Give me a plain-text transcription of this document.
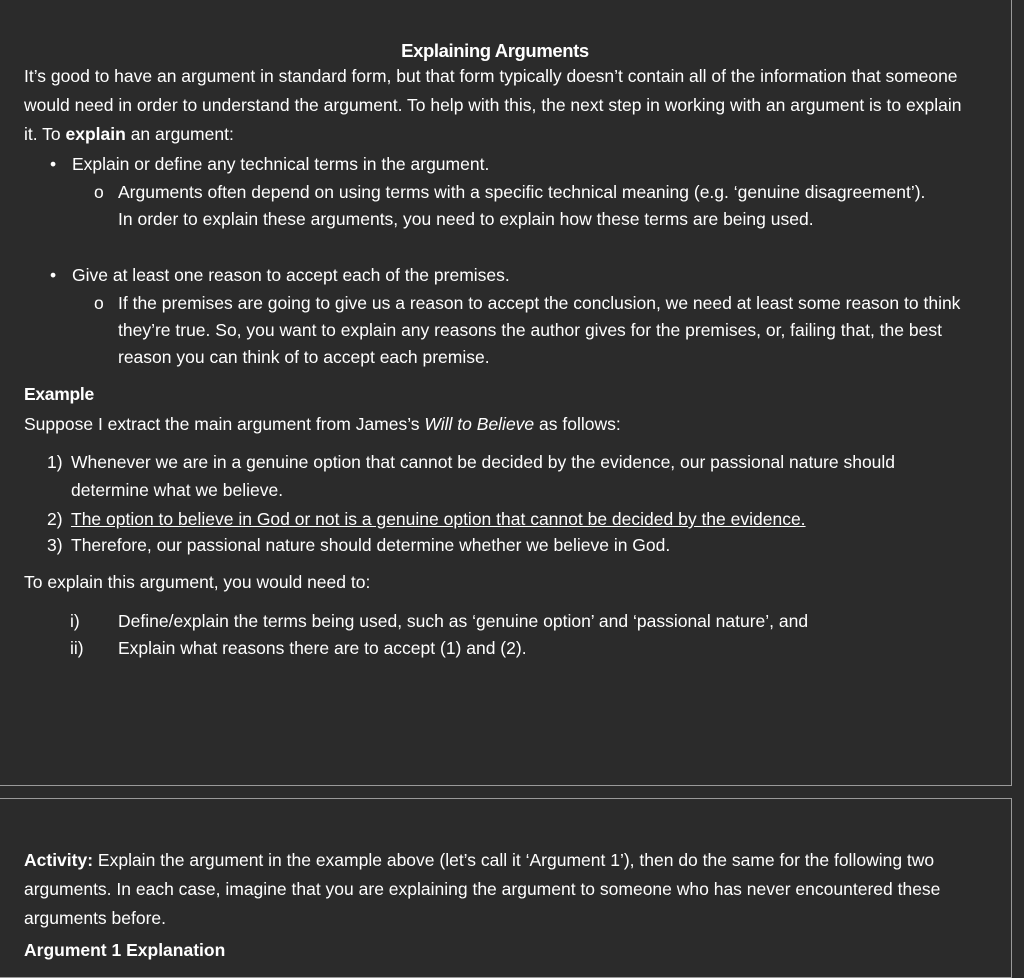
Explaining Arguments
It’s good to have an argument in standard form, but that form typically doesn’t contain all of the information that someone would need in order to understand the argument. To help with this, the next step in working with an argument is to explain it. To explain an argument:
• Explain or define any technical terms in the argument.
o Arguments often depend on using terms with a specific technical meaning (e.g. ‘genuine disagreement’). In order to explain these arguments, you need to explain how these terms are being used.
• Give at least one reason to accept each of the premises.
o If the premises are going to give us a reason to accept the conclusion, we need at least some reason to think they’re true. So, you want to explain any reasons the author gives for the premises, or, failing that, the best reason you can think of to accept each premise.
Example
Suppose I extract the main argument from James’s Will to Believe as follows:
1) Whenever we are in a genuine option that cannot be decided by the evidence, our passional nature should determine what we believe.
2) The option to believe in God or not is a genuine option that cannot be decided by the evidence.
3) Therefore, our passional nature should determine whether we believe in God.
To explain this argument, you would need to:
i) Define/explain the terms being used, such as ‘genuine option’ and ‘passional nature’, and
ii) Explain what reasons there are to accept (1) and (2).
Activity: Explain the argument in the example above (let’s call it ‘Argument 1’), then do the same for the following two arguments. In each case, imagine that you are explaining the argument to someone who has never encountered these arguments before.
Argument 1 Explanation
